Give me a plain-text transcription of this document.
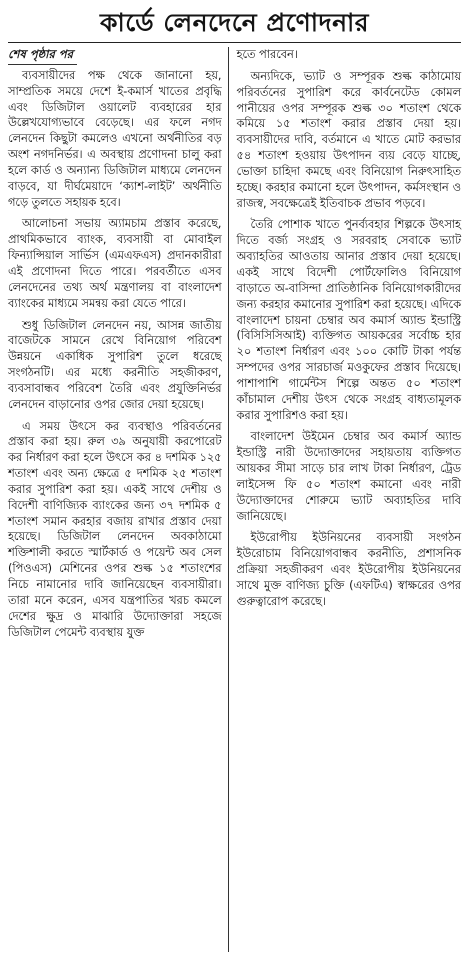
কার্ডে লেনদেনে প্রণোদনার
শেষ পৃষ্ঠার পর

ব্যবসায়ীদের পক্ষ থেকে জানানো হয়, সাম্প্রতিক সময়ে দেশে ই-কমার্স খাতের প্রবৃদ্ধি এবং ডিজিটাল ওয়ালেট ব্যবহারের হার উল্লেখযোগ্যভাবে বেড়েছে। এর ফলে নগদ লেনদেন কিছুটা কমলেও এখনো অর্থনীতির বড় অংশ নগদনির্ভর। এ অবস্থায় প্রণোদনা চালু করা হলে কার্ড ও অন্যান্য ডিজিটাল মাধ্যমে লেনদেন বাড়বে, যা দীর্ঘমেয়াদে ‘ক্যাশ-লাইট’ অর্থনীতি গড়ে তুলতে সহায়ক হবে।

আলোচনা সভায় অ্যামচাম প্রস্তাব করেছে, প্রাথমিকভাবে ব্যাংক, ব্যবসায়ী বা মোবাইল ফিন্যান্সিয়াল সার্ভিস (এমএফএস) প্রদানকারীরা এই প্রণোদনা দিতে পারে। পরবর্তীতে এসব লেনদেনের তথ্য অর্থ মন্ত্রণালয় বা বাংলাদেশ ব্যাংকের মাধ্যমে সমন্বয় করা যেতে পারে।

শুধু ডিজিটাল লেনদেন নয়, আসন্ন জাতীয় বাজেটকে সামনে রেখে বিনিয়োগ পরিবেশ উন্নয়নে একাধিক সুপারিশ তুলে ধরেছে সংগঠনটি। এর মধ্যে করনীতি সহজীকরণ, ব্যবসাবান্ধব পরিবেশ তৈরি এবং প্রযুক্তিনির্ভর লেনদেন বাড়ানোর ওপর জোর দেয়া হয়েছে।

এ সময় উৎসে কর ব্যবস্থাও পরিবর্তনের প্রস্তাব করা হয়। রুল ৩৯ অনুযায়ী করপোরেট কর নির্ধারণ করা হলে উৎসে কর ৪ দশমিক ১২৫ শতাংশ এবং অন্য ক্ষেত্রে ৫ দশমিক ২৫ শতাংশ করার সুপারিশ করা হয়। একই সাথে দেশীয় ও বিদেশী বাণিজ্যিক ব্যাংকের জন্য ৩৭ দশমিক ৫ শতাংশ সমান করহার বজায় রাখার প্রস্তাব দেয়া হয়েছে। ডিজিটাল লেনদেন অবকাঠামো শক্তিশালী করতে স্মার্টকার্ড ও পয়েন্ট অব সেল (পিওএস) মেশিনের ওপর শুল্ক ১৫ শতাংশের নিচে নামানোর দাবি জানিয়েছেন ব্যবসায়ীরা। তারা মনে করেন, এসব যন্ত্রপাতির খরচ কমলে দেশের ক্ষুদ্র ও মাঝারি উদ্যোক্তারা সহজে ডিজিটাল পেমেন্ট ব্যবস্থায় যুক্ত

হতে পারবেন।

অন্যদিকে, ভ্যাট ও সম্পূরক শুল্ক কাঠামোয় পরিবর্তনের সুপারিশ করে কার্বনেটেড কোমল পানীয়ের ওপর সম্পূরক শুল্ক ৩০ শতাংশ থেকে কমিয়ে ১৫ শতাংশ করার প্রস্তাব দেয়া হয়। ব্যবসায়ীদের দাবি, বর্তমানে এ খাতে মোট করভার ৫৪ শতাংশ হওয়ায় উৎপাদন ব্যয় বেড়ে যাচ্ছে, ভোক্তা চাহিদা কমছে এবং বিনিয়োগ নিরুৎসাহিত হচ্ছে। করহার কমানো হলে উৎপাদন, কর্মসংস্থান ও রাজস্ব, সবক্ষেত্রেই ইতিবাচক প্রভাব পড়বে।

তৈরি পোশাক খাতে পুনর্ব্যবহার শিল্পকে উৎসাহ দিতে বর্জ্য সংগ্রহ ও সরবরাহ সেবাকে ভ্যাট অব্যাহতির আওতায় আনার প্রস্তাব দেয়া হয়েছে। একই সাথে বিদেশী পোর্টফোলিও বিনিয়োগ বাড়াতে অ-বাসিন্দা প্রাতিষ্ঠানিক বিনিয়োগকারীদের জন্য করহার কমানোর সুপারিশ করা হয়েছে। এদিকে বাংলাদেশ চায়না চেম্বার অব কমার্স অ্যান্ড ইন্ডাস্ট্রি (বিসিসিসিআই) ব্যক্তিগত আয়করের সর্বোচ্চ হার ২০ শতাংশ নির্ধারণ এবং ১০০ কোটি টাকা পর্যন্ত সম্পদের ওপর সারচার্জ মওকুফের প্রস্তাব দিয়েছে। পাশাপাশি গার্মেন্টস শিল্পে অন্তত ৫০ শতাংশ কাঁচামাল দেশীয় উৎস থেকে সংগ্রহ বাধ্যতামূলক করার সুপারিশও করা হয়।

বাংলাদেশ উইমেন চেম্বার অব কমার্স অ্যান্ড ইন্ডাস্ট্রি নারী উদ্যোক্তাদের সহায়তায় ব্যক্তিগত আয়কর সীমা সাড়ে চার লাখ টাকা নির্ধারণ, ট্রেড লাইসেন্স ফি ৫০ শতাংশ কমানো এবং নারী উদ্যোক্তাদের শোরুমে ভ্যাট অব্যাহতির দাবি জানিয়েছে।

ইউরোপীয় ইউনিয়নের ব্যবসায়ী সংগঠন ইউরোচাম বিনিয়োগবান্ধব করনীতি, প্রশাসনিক প্রক্রিয়া সহজীকরণ এবং ইউরোপীয় ইউনিয়নের সাথে মুক্ত বাণিজ্য চুক্তি (এফটিএ) স্বাক্ষরের ওপর গুরুত্বারোপ করেছে।
